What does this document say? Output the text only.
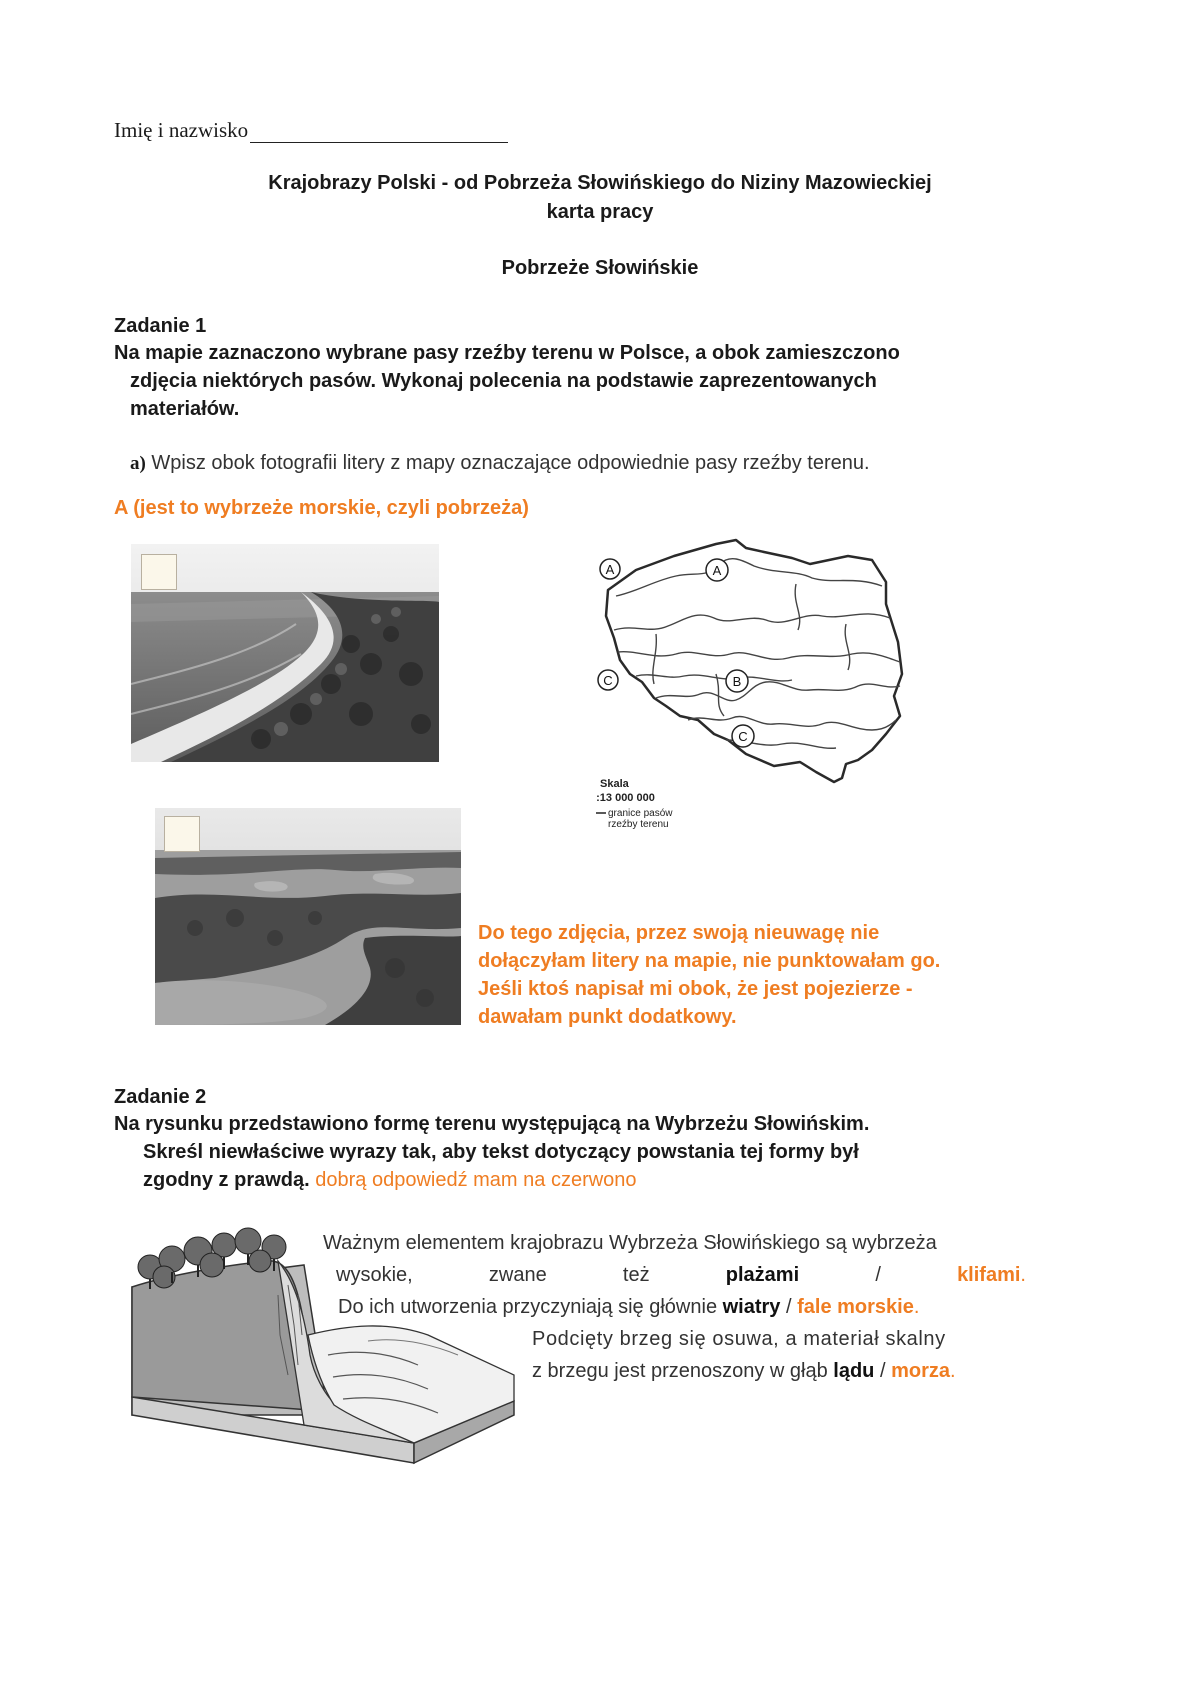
Imię i nazwisko
Krajobrazy Polski - od Pobrzeża Słowińskiego do Niziny Mazowieckiej
karta pracy
Pobrzeże Słowińskie
Zadanie 1
Na mapie zaznaczono wybrane pasy rzeźby terenu w Polsce, a obok zamieszczono
zdjęcia niektórych pasów. Wykonaj polecenia na podstawie zaprezentowanych
materiałów.
a) Wpisz obok fotografii litery z mapy oznaczające odpowiednie pasy rzeźby terenu.
A (jest to wybrzeże morskie, czyli pobrzeża)
A	A
B
C
C
Skala
1:13 000 000
granice pasów
rzeźby terenu
Do tego zdjęcia, przez swoją nieuwagę nie
dołączyłam litery na mapie, nie punktowałam go.
Jeśli ktoś napisał mi obok, że jest pojezierze -
dawałam punkt dodatkowy.
Zadanie 2
Na rysunku przedstawiono formę terenu występującą na Wybrzeżu Słowińskim.
Skreśl niewłaściwe wyrazy tak, aby tekst dotyczący powstania tej formy był
zgodny z prawdą. dobrą odpowiedź mam na czerwono
Ważnym elementem krajobrazu Wybrzeża Słowińskiego są wybrzeża
wysokie,	zwane	też	plażami	/	klifami.
Do ich utworzenia przyczyniają się głównie wiatry / fale morskie.
Podcięty brzeg się osuwa, a materiał skalny
z brzegu jest przenoszony w głąb lądu / morza.
